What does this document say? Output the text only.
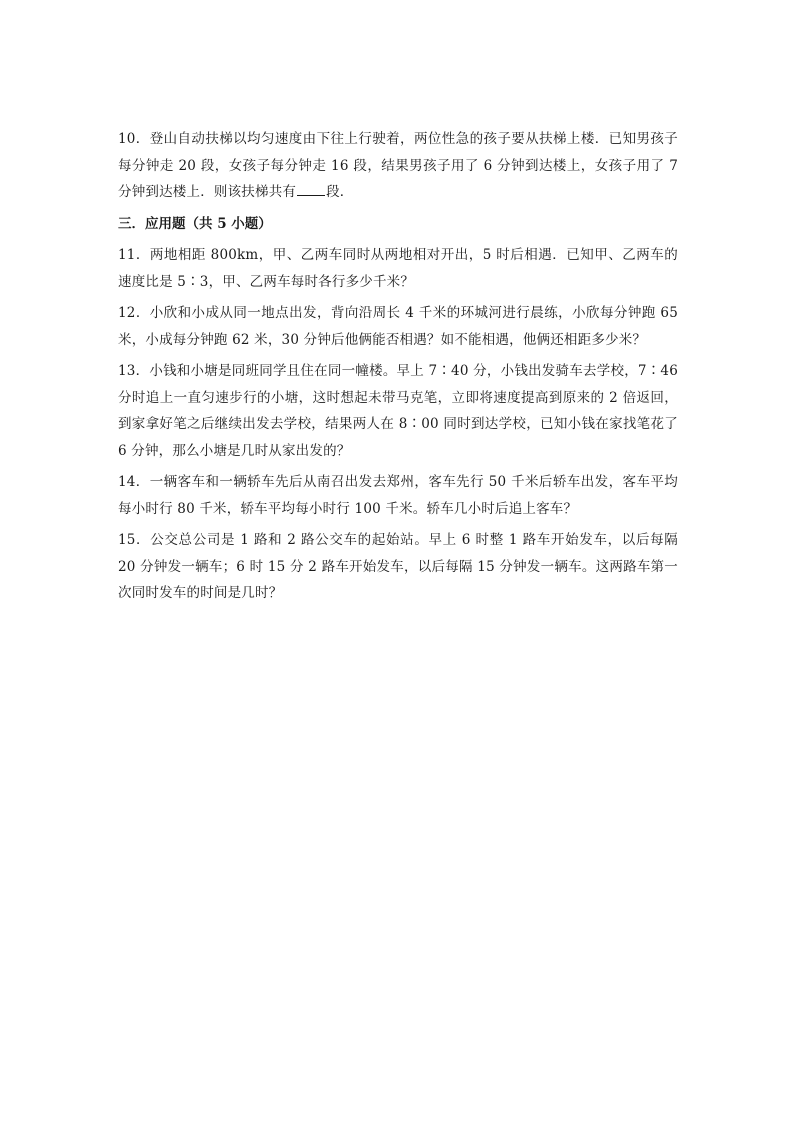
10．登山自动扶梯以均匀速度由下往上行驶着，两位性急的孩子要从扶梯上楼．已知男孩子每分钟走 20 段，女孩子每分钟走 16 段，结果男孩子用了 6 分钟到达楼上，女孩子用了 7 分钟到达楼上．则该扶梯共有 段．

三．应用题（共 5 小题）

11．两地相距 800km，甲、乙两车同时从两地相对开出，5 时后相遇．已知甲、乙两车的速度比是 5∶3，甲、乙两车每时各行多少千米？

12．小欣和小成从同一地点出发，背向沿周长 4 千米的环城河进行晨练，小欣每分钟跑 65 米，小成每分钟跑 62 米，30 分钟后他俩能否相遇？如不能相遇，他俩还相距多少米？

13．小钱和小塘是同班同学且住在同一幢楼。早上 7∶40 分，小钱出发骑车去学校，7∶46 分时追上一直匀速步行的小塘，这时想起未带马克笔，立即将速度提高到原来的 2 倍返回，到家拿好笔之后继续出发去学校，结果两人在 8∶00 同时到达学校，已知小钱在家找笔花了 6 分钟，那么小塘是几时从家出发的？

14．一辆客车和一辆轿车先后从南召出发去郑州，客车先行 50 千米后轿车出发，客车平均每小时行 80 千米，轿车平均每小时行 100 千米。轿车几小时后追上客车？

15．公交总公司是 1 路和 2 路公交车的起始站。早上 6 时整 1 路车开始发车，以后每隔 20 分钟发一辆车；6 时 15 分 2 路车开始发车，以后每隔 15 分钟发一辆车。这两路车第一次同时发车的时间是几时？
